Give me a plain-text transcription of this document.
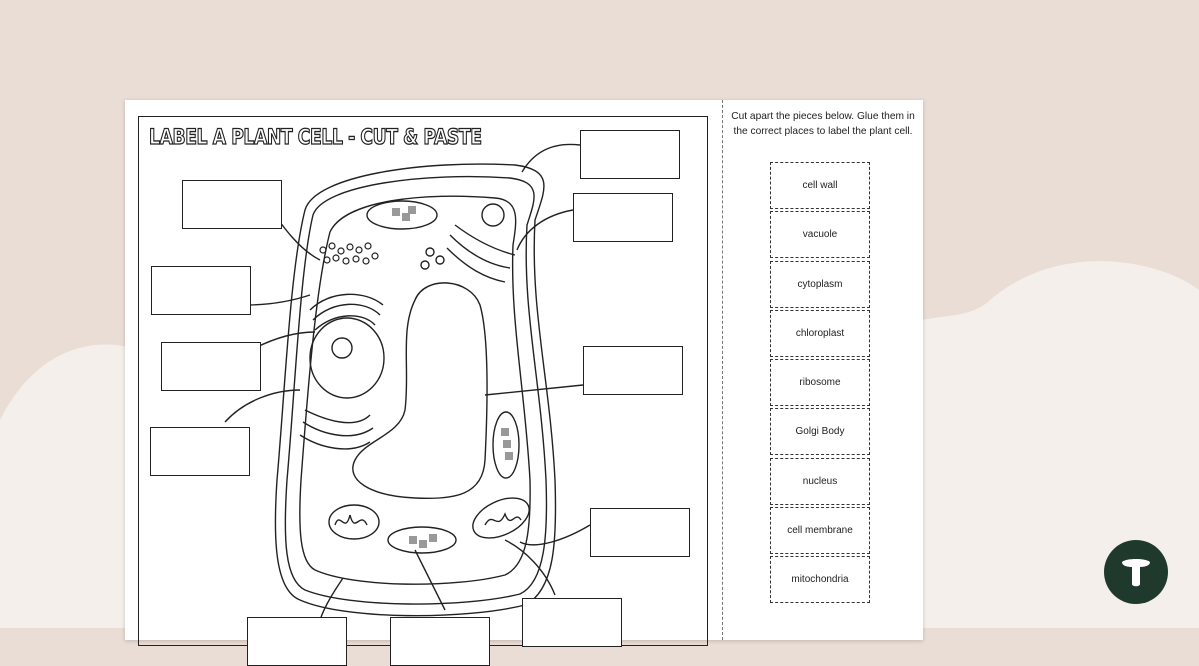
LABEL A PLANT CELL - CUT & PASTE
Cut apart the pieces below. Glue them in the correct places to label the plant cell.
cell wall
vacuole
cytoplasm
chloroplast
ribosome
Golgi Body
nucleus
cell membrane
mitochondria
